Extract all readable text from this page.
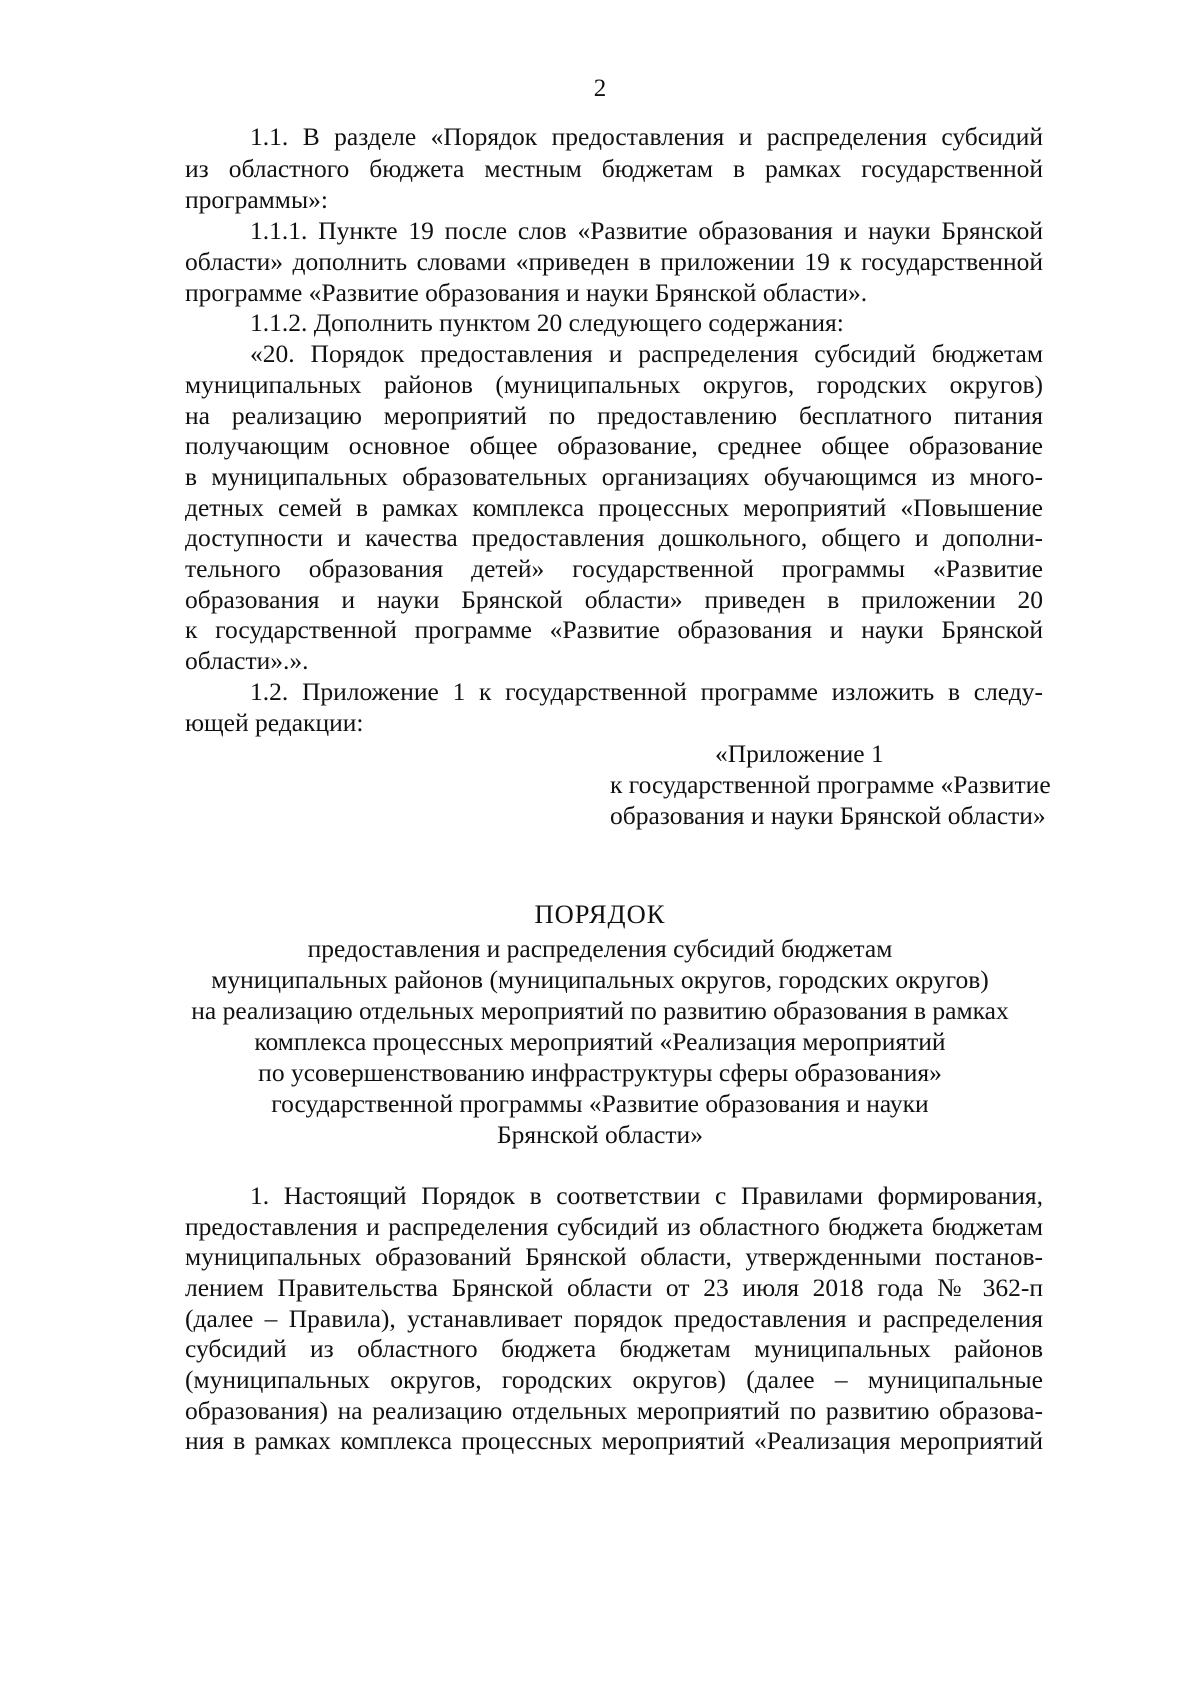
2
1.1. В разделе «Порядок предоставления и распределения субсидий
из областного бюджета местным бюджетам в рамках государственной
программы»:
1.1.1. Пункте 19 после слов «Развитие образования и науки Брянской
области» дополнить словами «приведен в приложении 19 к государственной
программе «Развитие образования и науки Брянской области».
1.1.2. Дополнить пунктом 20 следующего содержания:
«20. Порядок предоставления и распределения субсидий бюджетам
муниципальных районов (муниципальных округов, городских округов)
на реализацию мероприятий по предоставлению бесплатного питания
получающим основное общее образование, среднее общее образование
в муниципальных образовательных организациях обучающимся из много-
детных семей в рамках комплекса процессных мероприятий «Повышение
доступности и качества предоставления дошкольного, общего и дополни-
тельного образования детей» государственной программы «Развитие
образования и науки Брянской области» приведен в приложении 20
к государственной программе «Развитие образования и науки Брянской
области».».
1.2. Приложение 1 к государственной программе изложить в следу-
ющей редакции:
«Приложение 1
к государственной программе «Развитие
образования и науки Брянской области»
ПОРЯДОК
предоставления и распределения субсидий бюджетам
муниципальных районов (муниципальных округов, городских округов)
на реализацию отдельных мероприятий по развитию образования в рамках
комплекса процессных мероприятий «Реализация мероприятий
по усовершенствованию инфраструктуры сферы образования»
государственной программы «Развитие образования и науки
Брянской области»
1. Настоящий Порядок в соответствии с Правилами формирования,
предоставления и распределения субсидий из областного бюджета бюджетам
муниципальных образований Брянской области, утвержденными постанов-
лением Правительства Брянской области от 23 июля 2018 года № 362-п
(далее – Правила), устанавливает порядок предоставления и распределения
субсидий из областного бюджета бюджетам муниципальных районов
(муниципальных округов, городских округов) (далее – муниципальные
образования) на реализацию отдельных мероприятий по развитию образова-
ния в рамках комплекса процессных мероприятий «Реализация мероприятий
